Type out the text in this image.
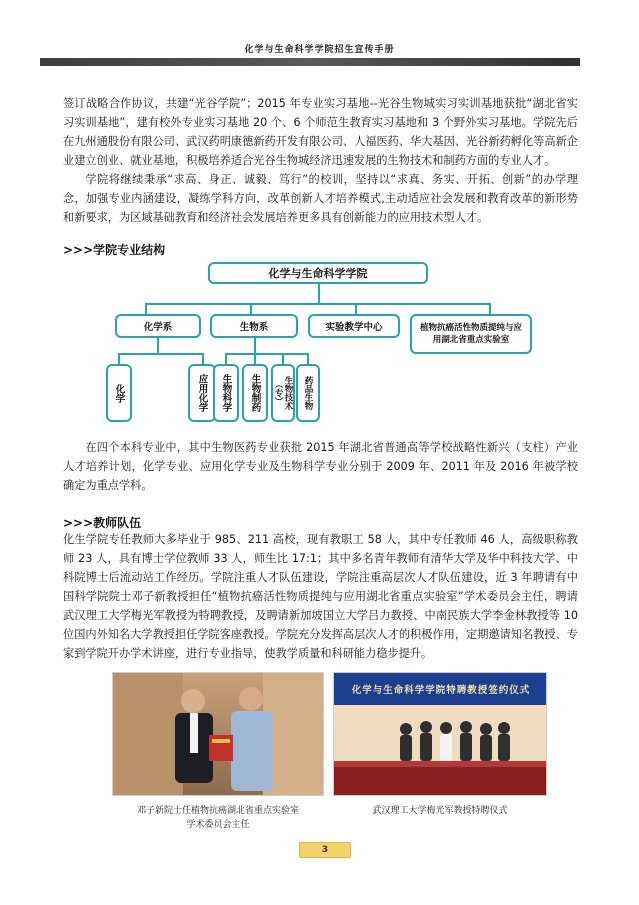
化学与生命科学学院招生宣传手册

签订战略合作协议，共建“光谷学院”；2015 年专业实习基地--光谷生物城实习实训基地获批“湖北省实习实训基地”，建有校外专业实习基地 20 个、6 个师范生教育实习基地和 3 个野外实习基地。学院先后在九州通股份有限公司、武汉药明康德新药开发有限公司、人福医药、华大基因、光谷新药孵化等高新企业建立创业、就业基地，积极培养适合光谷生物城经济迅速发展的生物技术和制药方面的专业人才。

学院将继续秉承“求高、身正、诚毅、笃行”的校训，坚持以“求真、务实、开拓、创新”的办学理念，加强专业内涵建设，凝练学科方向，改革创新人才培养模式,主动适应社会发展和教育改革的新形势和新要求，为区域基础教育和经济社会发展培养更多具有创新能力的应用技术型人才。

>>>学院专业结构
化学与生命科学学院
化学系	生物系	实验教学中心	植物抗癌活性物质提纯与应用湖北省重点实验室
化学	应用化学	生物科学	生物制药	生物技术（专）	药品生物

在四个本科专业中，其中生物医药专业获批 2015 年湖北省普通高等学校战略性新兴（支柱）产业人才培养计划，化学专业、应用化学专业及生物科学专业分别于 2009 年、2011 年及 2016 年被学校确定为重点学科。

>>>教师队伍

化生学院专任教师大多毕业于 985、211 高校，现有教职工 58 人，其中专任教师 46 人，高级职称教师 23 人，具有博士学位教师 33 人，师生比 17:1；其中多名青年教师有清华大学及华中科技大学、中科院博士后流动站工作经历。学院注重人才队伍建设，学院注重高层次人才队伍建设，近 3 年聘请有中国科学院院士邓子新教授担任“植物抗癌活性物质提纯与应用湖北省重点实验室”学术委员会主任，聘请武汉理工大学梅光军教授为特聘教授，及聘请新加坡国立大学吕力教授、中南民族大学李金林教授等 10 位国内外知名大学教授担任学院客座教授。学院充分发挥高层次人才的积极作用，定期邀请知名教授、专家到学院开办学术讲座，进行专业指导，使教学质量和科研能力稳步提升。

邓子新院士任植物抗癌湖北省重点实验室
学术委员会主任
化学与生命科学学院特聘教授签约仪式
武汉理工大学梅光军教授特聘仪式
3
